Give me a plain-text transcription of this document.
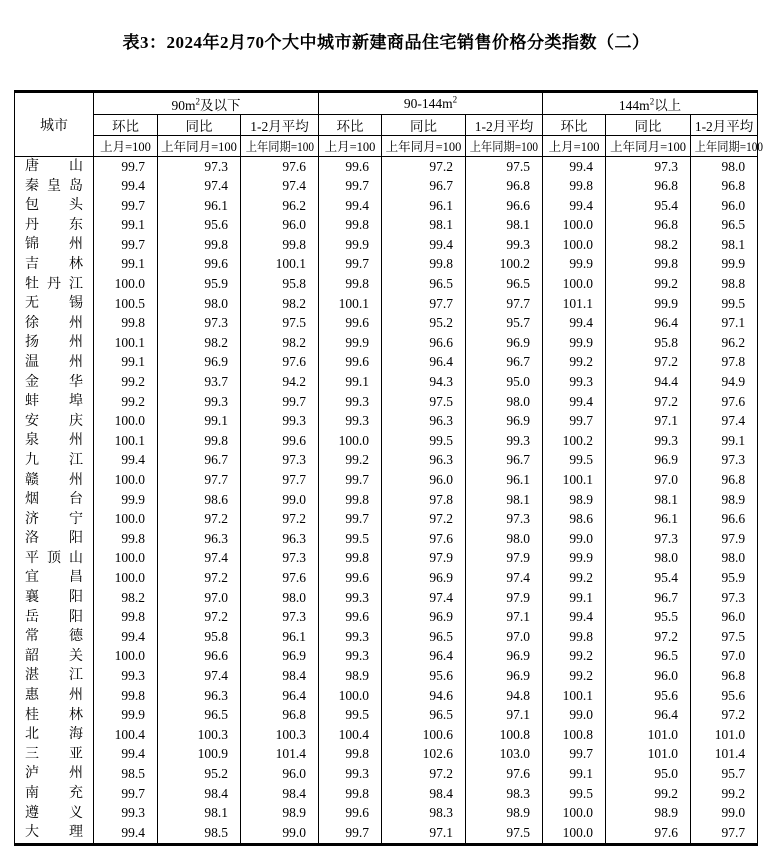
表3：2024年2月70个大中城市新建商品住宅销售价格分类指数（二）
城市	$90m^2$及以下			$90-144m^2$			$144m^2$以上		
	环比	同比	1-2月平均	环比	同比	1-2月平均	环比	同比	1-2月平均
	上月=100	上年同月=100	上年同期=100	上月=100	上年同月=100	上年同期=100	上月=100	上年同月=100	上年同期=100
唐山	99.7	97.3	97.6	99.6	97.2	97.5	99.4	97.3	98.0
秦皇岛	99.4	97.4	97.4	99.7	96.7	96.8	99.8	96.8	96.8
包头	99.7	96.1	96.2	99.4	96.1	96.6	99.4	95.4	96.0
丹东	99.1	95.6	96.0	99.8	98.1	98.1	100.0	96.8	96.5
锦州	99.7	99.8	99.8	99.9	99.4	99.3	100.0	98.2	98.1
吉林	99.1	99.6	100.1	99.7	99.8	100.2	99.9	99.8	99.9
牡丹江	100.0	95.9	95.8	99.8	96.5	96.5	100.0	99.2	98.8
无锡	100.5	98.0	98.2	100.1	97.7	97.7	101.1	99.9	99.5
徐州	99.8	97.3	97.5	99.6	95.2	95.7	99.4	96.4	97.1
扬州	100.1	98.2	98.2	99.9	96.6	96.9	99.9	95.8	96.2
温州	99.1	96.9	97.6	99.6	96.4	96.7	99.2	97.2	97.8
金华	99.2	93.7	94.2	99.1	94.3	95.0	99.3	94.4	94.9
蚌埠	99.2	99.3	99.7	99.3	97.5	98.0	99.4	97.2	97.6
安庆	100.0	99.1	99.3	99.3	96.3	96.9	99.7	97.1	97.4
泉州	100.1	99.8	99.6	100.0	99.5	99.3	100.2	99.3	99.1
九江	99.4	96.7	97.3	99.2	96.3	96.7	99.5	96.9	97.3
赣州	100.0	97.7	97.7	99.7	96.0	96.1	100.1	97.0	96.8
烟台	99.9	98.6	99.0	99.8	97.8	98.1	98.9	98.1	98.9
济宁	100.0	97.2	97.2	99.7	97.2	97.3	98.6	96.1	96.6
洛阳	99.8	96.3	96.3	99.5	97.6	98.0	99.0	97.3	97.9
平顶山	100.0	97.4	97.3	99.8	97.9	97.9	99.9	98.0	98.0
宜昌	100.0	97.2	97.6	99.6	96.9	97.4	99.2	95.4	95.9
襄阳	98.2	97.0	98.0	99.3	97.4	97.9	99.1	96.7	97.3
岳阳	99.8	97.2	97.3	99.6	96.9	97.1	99.4	95.5	96.0
常德	99.4	95.8	96.1	99.3	96.5	97.0	99.8	97.2	97.5
韶关	100.0	96.6	96.9	99.3	96.4	96.9	99.2	96.5	97.0
湛江	99.3	97.4	98.4	98.9	95.6	96.9	99.2	96.0	96.8
惠州	99.8	96.3	96.4	100.0	94.6	94.8	100.1	95.6	95.6
桂林	99.9	96.5	96.8	99.5	96.5	97.1	99.0	96.4	97.2
北海	100.4	100.3	100.3	100.4	100.6	100.8	100.8	101.0	101.0
三亚	99.4	100.9	101.4	99.8	102.6	103.0	99.7	101.0	101.4
泸州	98.5	95.2	96.0	99.3	97.2	97.6	99.1	95.0	95.7
南充	99.7	98.4	98.4	99.8	98.4	98.3	99.5	99.2	99.2
遵义	99.3	98.1	98.9	99.6	98.3	98.9	100.0	98.9	99.0
大理	99.4	98.5	99.0	99.7	97.1	97.5	100.0	97.6	97.7
